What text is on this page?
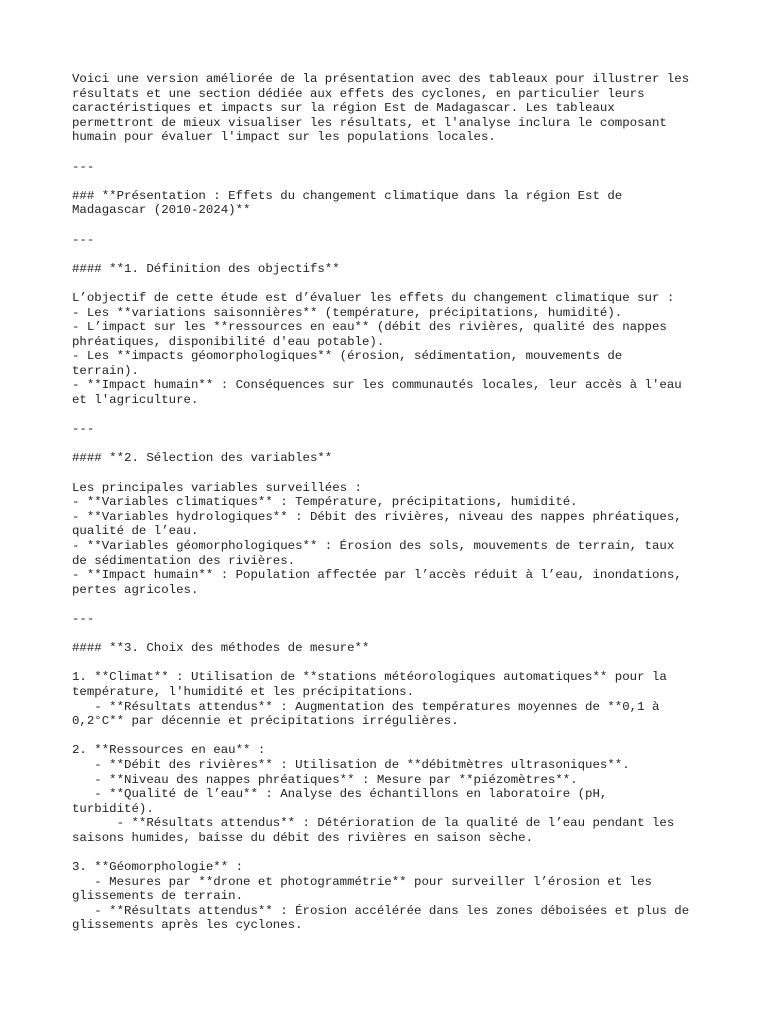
Voici une version améliorée de la présentation avec des tableaux pour illustrer les
résultats et une section dédiée aux effets des cyclones, en particulier leurs
caractéristiques et impacts sur la région Est de Madagascar. Les tableaux
permettront de mieux visualiser les résultats, et l'analyse inclura le composant
humain pour évaluer l'impact sur les populations locales.
---
### **Présentation : Effets du changement climatique dans la région Est de
Madagascar (2010-2024)**
---
#### **1. Définition des objectifs**
L’objectif de cette étude est d’évaluer les effets du changement climatique sur :
- Les **variations saisonnières** (température, précipitations, humidité).
- L’impact sur les **ressources en eau** (débit des rivières, qualité des nappes
phréatiques, disponibilité d'eau potable).
- Les **impacts géomorphologiques** (érosion, sédimentation, mouvements de
terrain).
- **Impact humain** : Conséquences sur les communautés locales, leur accès à l'eau
et l'agriculture.
---
#### **2. Sélection des variables**
Les principales variables surveillées :
- **Variables climatiques** : Température, précipitations, humidité.
- **Variables hydrologiques** : Débit des rivières, niveau des nappes phréatiques,
qualité de l’eau.
- **Variables géomorphologiques** : Érosion des sols, mouvements de terrain, taux
de sédimentation des rivières.
- **Impact humain** : Population affectée par l’accès réduit à l’eau, inondations,
pertes agricoles.
---
#### **3. Choix des méthodes de mesure**
1. **Climat** : Utilisation de **stations météorologiques automatiques** pour la
température, l'humidité et les précipitations.
- **Résultats attendus** : Augmentation des températures moyennes de **0,1 à
0,2°C** par décennie et précipitations irrégulières.
2. **Ressources en eau** :
- **Débit des rivières** : Utilisation de **débitmètres ultrasoniques**.
- **Niveau des nappes phréatiques** : Mesure par **piézomètres**.
- **Qualité de l’eau** : Analyse des échantillons en laboratoire (pH,
turbidité).
- **Résultats attendus** : Détérioration de la qualité de l’eau pendant les
saisons humides, baisse du débit des rivières en saison sèche.
3. **Géomorphologie** :
- Mesures par **drone et photogrammétrie** pour surveiller l’érosion et les
glissements de terrain.
- **Résultats attendus** : Érosion accélérée dans les zones déboisées et plus de
glissements après les cyclones.
